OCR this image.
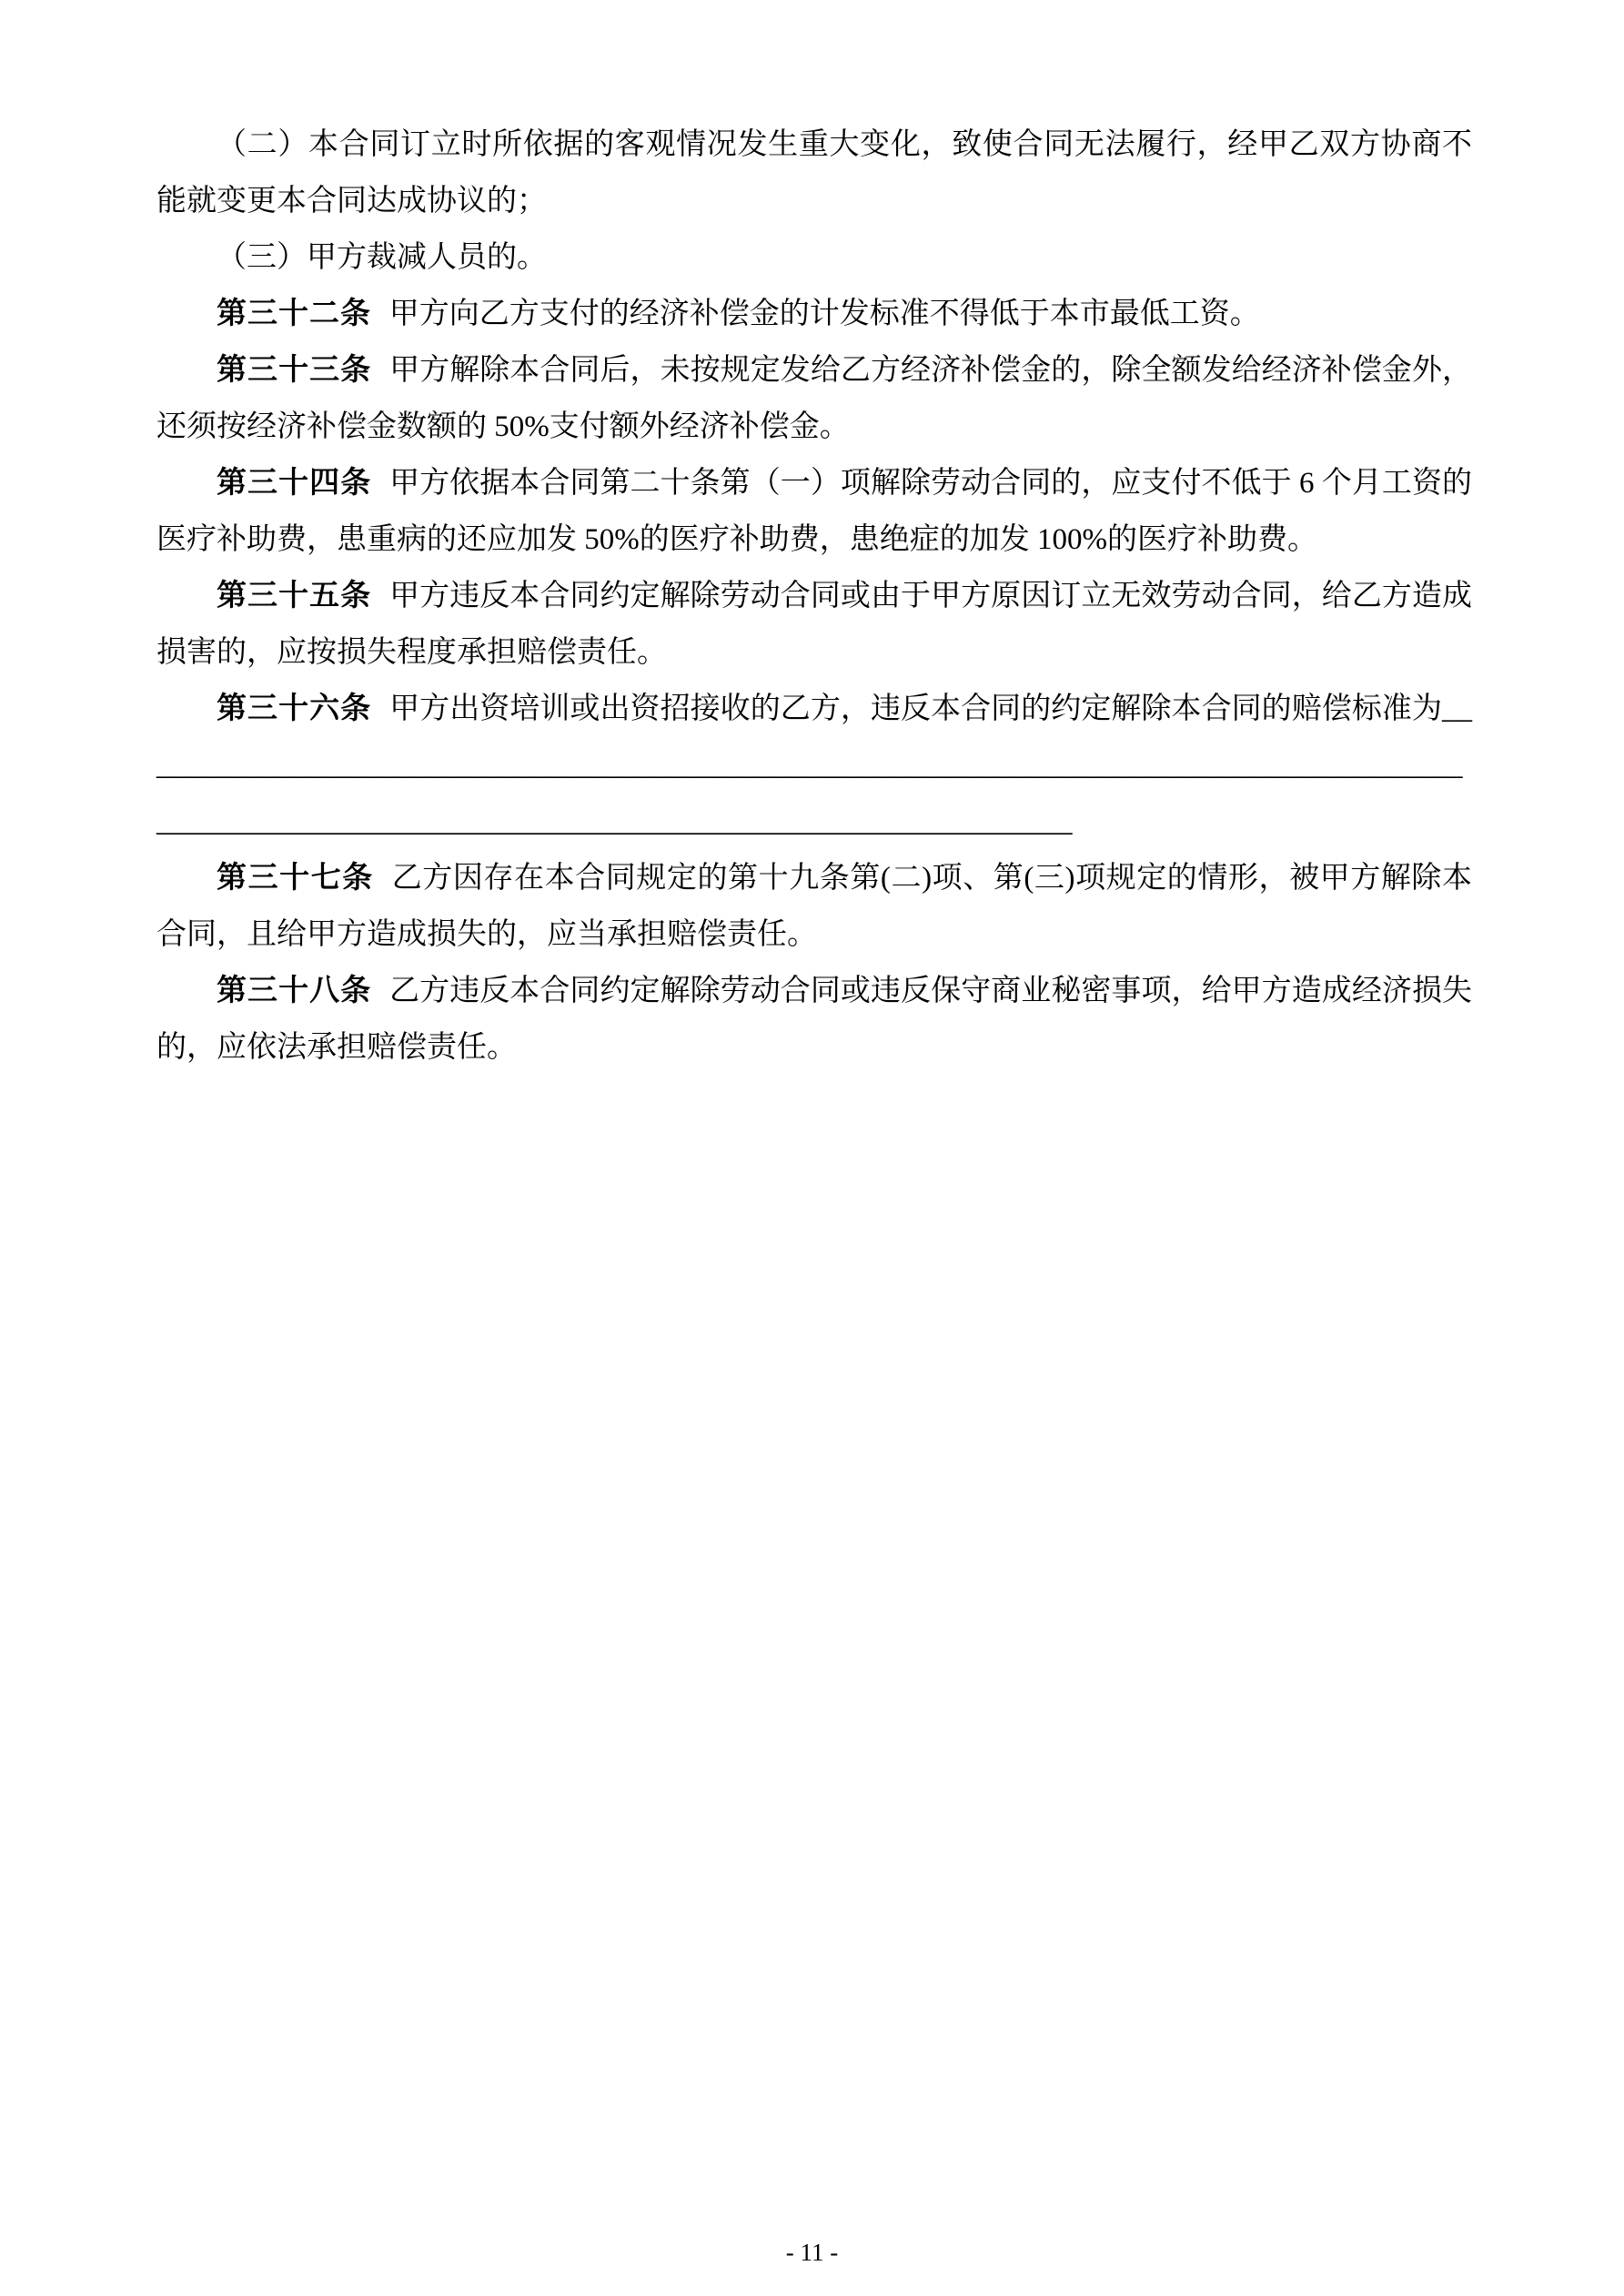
（二）本合同订立时所依据的客观情况发生重大变化，致使合同无法履行，经甲乙双方协商不能就变更本合同达成协议的；

（三）甲方裁减人员的。

第三十二条 甲方向乙方支付的经济补偿金的计发标准不得低于本市最低工资。

第三十三条 甲方解除本合同后，未按规定发给乙方经济补偿金的，除全额发给经济补偿金外，还须按经济补偿金数额的 50%支付额外经济补偿金。

第三十四条 甲方依据本合同第二十条第（一）项解除劳动合同的，应支付不低于 6 个月工资的医疗补助费，患重病的还应加发 50%的医疗补助费，患绝症的加发 100%的医疗补助费。

第三十五条 甲方违反本合同约定解除劳动合同或由于甲方原因订立无效劳动合同，给乙方造成损害的，应按损失程度承担赔偿责任。

第三十六条 甲方出资培训或出资招接收的乙方，违反本合同的约定解除本合同的赔偿标准为______________________________________________________________________________________________________________________________________________________

第三十七条 乙方因存在本合同规定的第十九条第(二)项、第(三)项规定的情形，被甲方解除本合同，且给甲方造成损失的，应当承担赔偿责任。

第三十八条 乙方违反本合同约定解除劳动合同或违反保守商业秘密事项，给甲方造成经济损失的，应依法承担赔偿责任。

- 11 -
